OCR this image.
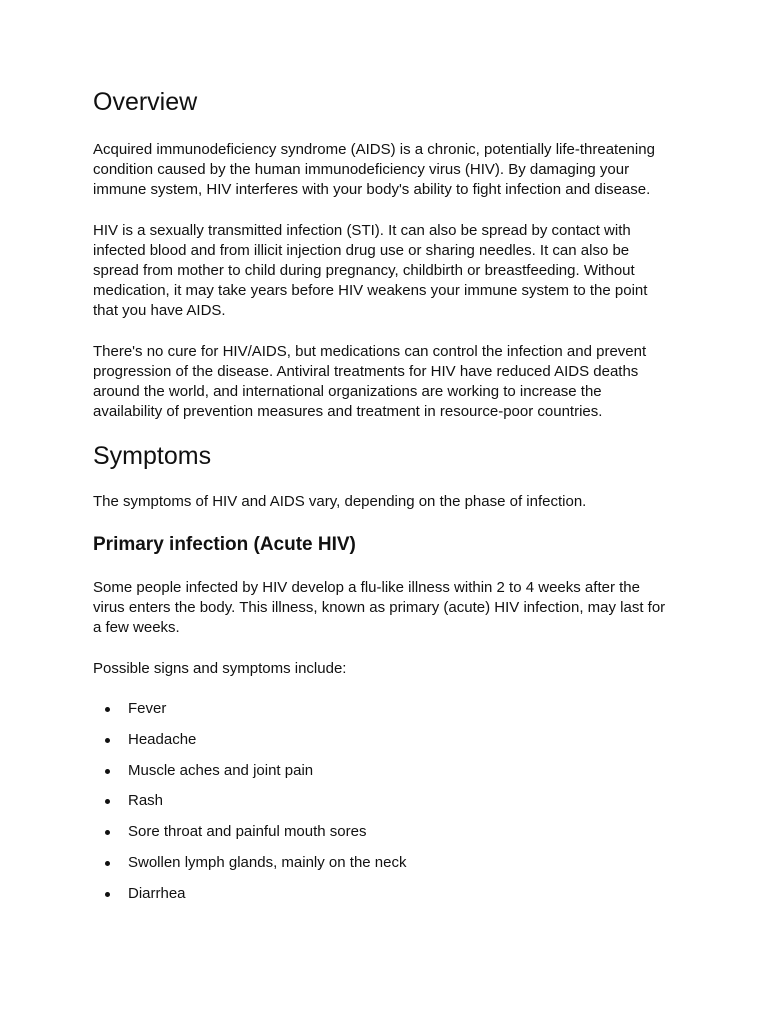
Overview

Acquired immunodeficiency syndrome (AIDS) is a chronic, potentially life-threatening condition caused by the human immunodeficiency virus (HIV). By damaging your immune system, HIV interferes with your body's ability to fight infection and disease.

HIV is a sexually transmitted infection (STI). It can also be spread by contact with infected blood and from illicit injection drug use or sharing needles. It can also be spread from mother to child during pregnancy, childbirth or breastfeeding. Without medication, it may take years before HIV weakens your immune system to the point that you have AIDS.

There's no cure for HIV/AIDS, but medications can control the infection and prevent progression of the disease. Antiviral treatments for HIV have reduced AIDS deaths around the world, and international organizations are working to increase the availability of prevention measures and treatment in resource-poor countries.

Symptoms

The symptoms of HIV and AIDS vary, depending on the phase of infection.

Primary infection (Acute HIV)

Some people infected by HIV develop a flu-like illness within 2 to 4 weeks after the virus enters the body. This illness, known as primary (acute) HIV infection, may last for a few weeks.

Possible signs and symptoms include:

Fever
Headache
Muscle aches and joint pain
Rash
Sore throat and painful mouth sores
Swollen lymph glands, mainly on the neck
Diarrhea
